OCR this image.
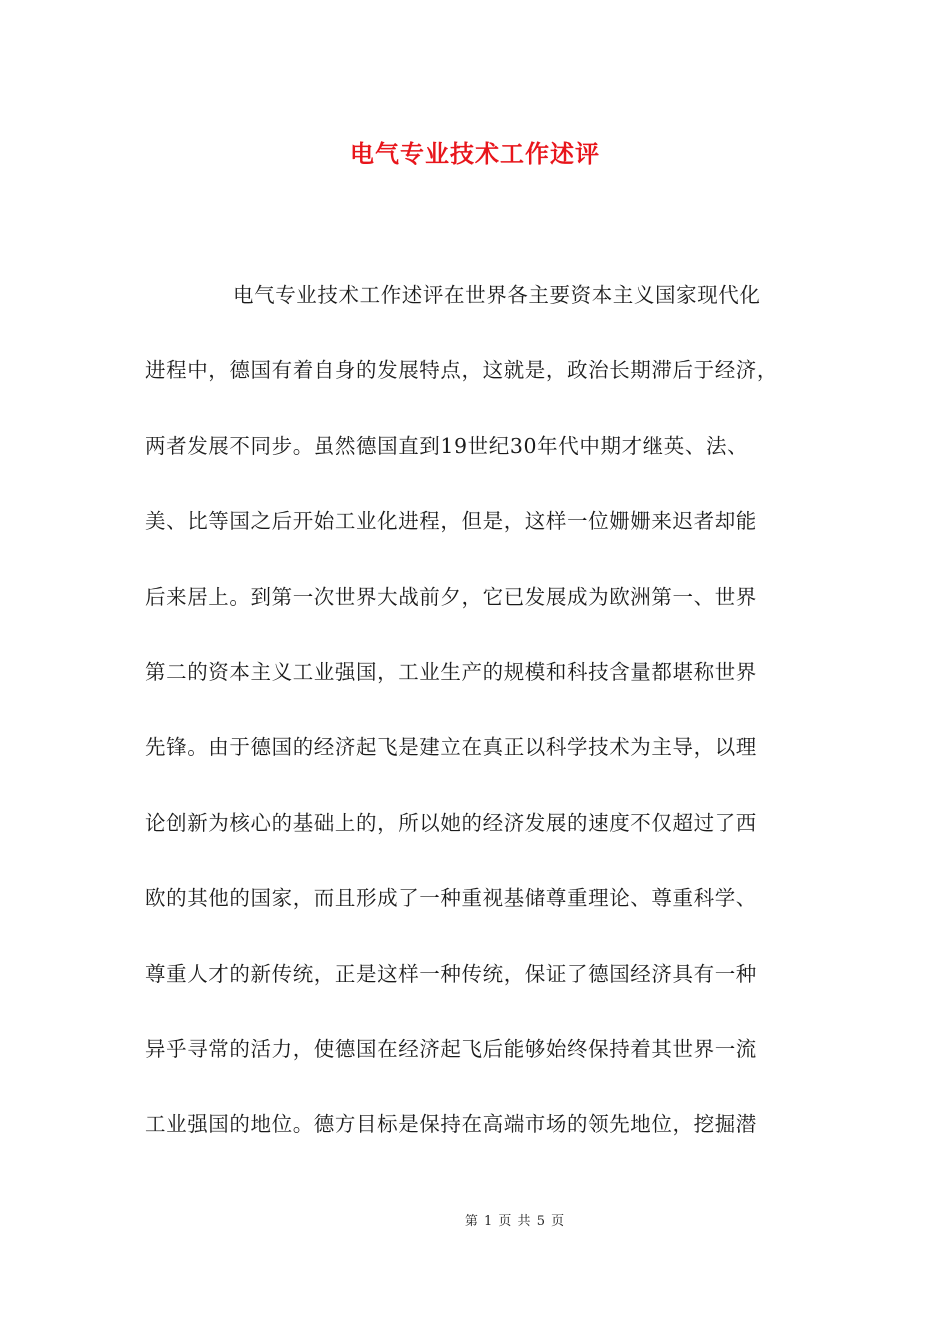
电气专业技术工作述评
电气专业技术工作述评在世界各主要资本主义国家现代化
进程中，德国有着自身的发展特点，这就是，政治长期滞后于经济，
两者发展不同步。虽然德国直到19世纪30年代中期才继英、法、
美、比等国之后开始工业化进程，但是，这样一位姗姗来迟者却能
后来居上。到第一次世界大战前夕，它已发展成为欧洲第一、世界
第二的资本主义工业强国，工业生产的规模和科技含量都堪称世界
先锋。由于德国的经济起飞是建立在真正以科学技术为主导，以理
论创新为核心的基础上的，所以她的经济发展的速度不仅超过了西
欧的其他的国家，而且形成了一种重视基储尊重理论、尊重科学、
尊重人才的新传统，正是这样一种传统，保证了德国经济具有一种
异乎寻常的活力，使德国在经济起飞后能够始终保持着其世界一流
工业强国的地位。德方目标是保持在高端市场的领先地位，挖掘潜
第 1 页 共 5 页
